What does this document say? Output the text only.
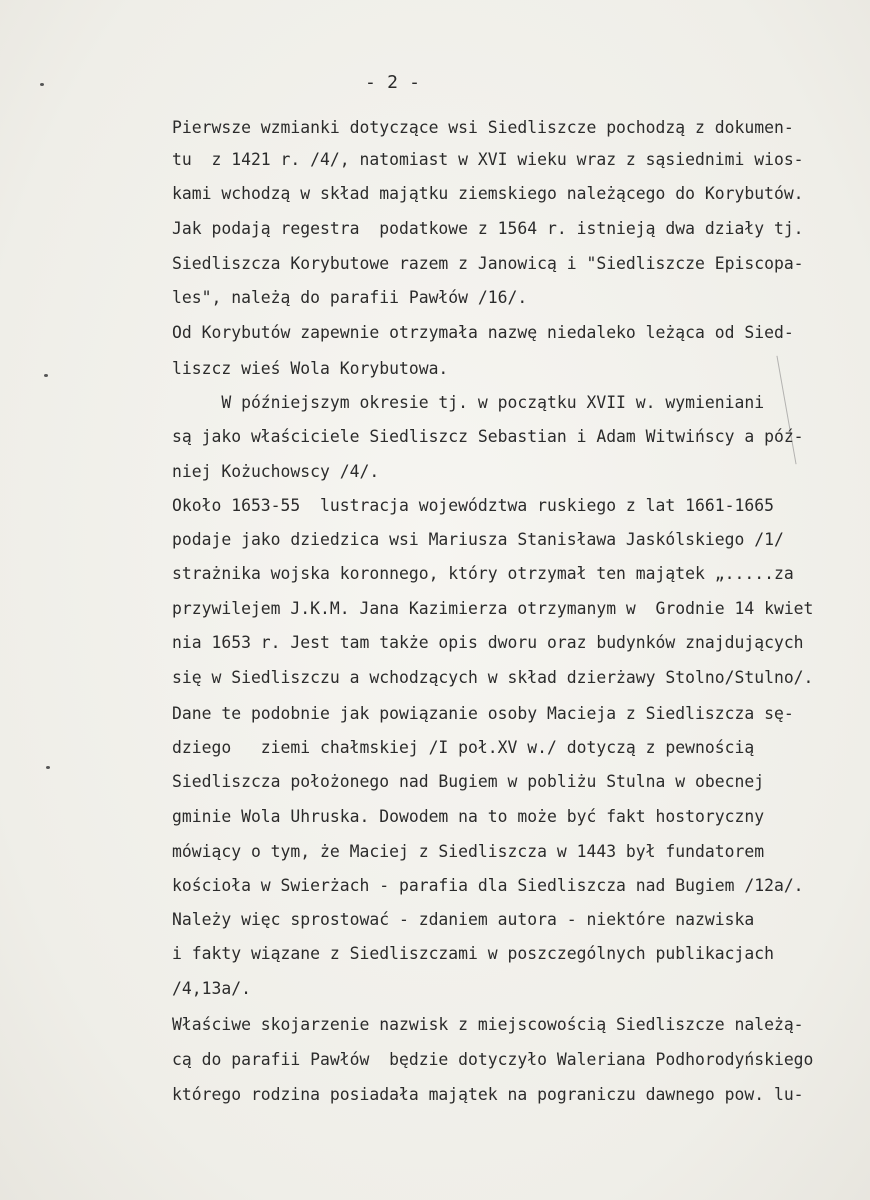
- 2 -
Pierwsze wzmianki dotyczące wsi Siedliszcze pochodzą z dokumen-
tu  z 1421 r. /4/, natomiast w XVI wieku wraz z sąsiednimi wios-
kami wchodzą w skład majątku ziemskiego należącego do Korybutów.
Jak podają regestra  podatkowe z 1564 r. istnieją dwa działy tj.
Siedliszcza Korybutowe razem z Janowicą i "Siedliszcze Episcopa-
les", należą do parafii Pawłów /16/.
Od Korybutów zapewnie otrzymała nazwę niedaleko leżąca od Sied-
liszcz wieś Wola Korybutowa.
W późniejszym okresie tj. w początku XVII w. wymieniani
są jako właściciele Siedliszcz Sebastian i Adam Witwińscy a póź-
niej Kożuchowscy /4/.
Około 1653-55  lustracja województwa ruskiego z lat 1661-1665
podaje jako dziedzica wsi Mariusza Stanisława Jaskólskiego /1/
strażnika wojska koronnego, który otrzymał ten majątek „.....za
przywilejem J.K.M. Jana Kazimierza otrzymanym w  Grodnie 14 kwiet
nia 1653 r. Jest tam także opis dworu oraz budynków znajdujących
się w Siedliszczu a wchodzących w skład dzierżawy Stolno/Stulno/.
Dane te podobnie jak powiązanie osoby Macieja z Siedliszcza sę-
dziego   ziemi chałmskiej /I poł.XV w./ dotyczą z pewnością
Siedliszcza położonego nad Bugiem w pobliżu Stulna w obecnej
gminie Wola Uhruska. Dowodem na to może być fakt hostoryczny
mówiący o tym, że Maciej z Siedliszcza w 1443 był fundatorem
kościoła w Swierżach - parafia dla Siedliszcza nad Bugiem /12a/.
Należy więc sprostować - zdaniem autora - niektóre nazwiska
i fakty wiązane z Siedliszczami w poszczególnych publikacjach
/4,13a/.
Właściwe skojarzenie nazwisk z miejscowością Siedliszcze należą-
cą do parafii Pawłów  będzie dotyczyło Waleriana Podhorodyńskiego
którego rodzina posiadała majątek na pograniczu dawnego pow. lu-
